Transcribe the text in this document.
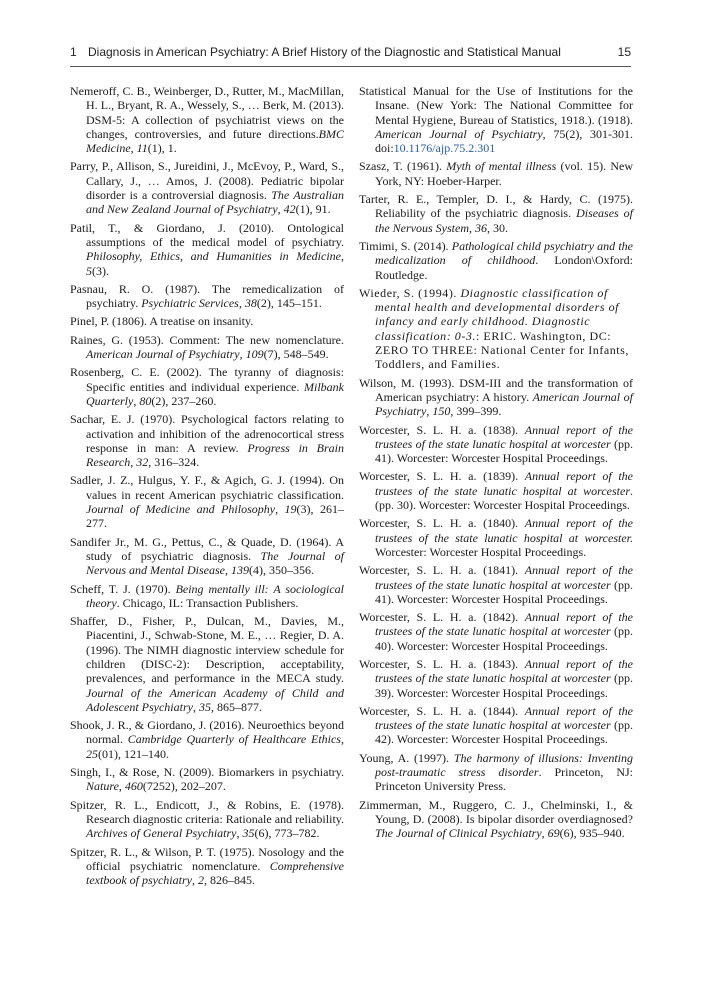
1 Diagnosis in American Psychiatry: A Brief History of the Diagnostic and Statistical Manual	15

Nemeroff, C. B., Weinberger, D., Rutter, M., MacMillan, H. L., Bryant, R. A., Wessely, S., … Berk, M. (2013). DSM-5: A collection of psychiatrist views on the changes, controversies, and future directions.BMC Medicine, 11(1), 1.

Parry, P., Allison, S., Jureidini, J., McEvoy, P., Ward, S., Callary, J., … Amos, J. (2008). Pediatric bipolar disorder is a controversial diagnosis. The Australian and New Zealand Journal of Psychiatry, 42(1), 91.

Patil, T., & Giordano, J. (2010). Ontological assumptions of the medical model of psychiatry. Philosophy, Ethics, and Humanities in Medicine, 5(3).

Pasnau, R. O. (1987). The remedicalization of psychiatry. Psychiatric Services, 38(2), 145–151.

Pinel, P. (1806). A treatise on insanity.

Raines, G. (1953). Comment: The new nomenclature. American Journal of Psychiatry, 109(7), 548–549.

Rosenberg, C. E. (2002). The tyranny of diagnosis: Specific entities and individual experience. Milbank Quarterly, 80(2), 237–260.

Sachar, E. J. (1970). Psychological factors relating to activation and inhibition of the adrenocortical stress response in man: A review. Progress in Brain Research, 32, 316–324.

Sadler, J. Z., Hulgus, Y. F., & Agich, G. J. (1994). On values in recent American psychiatric classification. Journal of Medicine and Philosophy, 19(3), 261–277.

Sandifer Jr., M. G., Pettus, C., & Quade, D. (1964). A study of psychiatric diagnosis. The Journal of Nervous and Mental Disease, 139(4), 350–356.

Scheff, T. J. (1970). Being mentally ill: A sociological theory. Chicago, IL: Transaction Publishers.

Shaffer, D., Fisher, P., Dulcan, M., Davies, M., Piacentini, J., Schwab-Stone, M. E., … Regier, D. A. (1996). The NIMH diagnostic interview schedule for children (DISC-2): Description, acceptability, prevalences, and performance in the MECA study. Journal of the American Academy of Child and Adolescent Psychiatry, 35, 865–877.

Shook, J. R., & Giordano, J. (2016). Neuroethics beyond normal. Cambridge Quarterly of Healthcare Ethics, 25(01), 121–140.

Singh, I., & Rose, N. (2009). Biomarkers in psychiatry. Nature, 460(7252), 202–207.

Spitzer, R. L., Endicott, J., & Robins, E. (1978). Research diagnostic criteria: Rationale and reliability. Archives of General Psychiatry, 35(6), 773–782.

Spitzer, R. L., & Wilson, P. T. (1975). Nosology and the official psychiatric nomenclature. Comprehensive textbook of psychiatry, 2, 826–845.

Statistical Manual for the Use of Institutions for the Insane. (New York: The National Committee for Mental Hygiene, Bureau of Statistics, 1918.). (1918). American Journal of Psychiatry, 75(2), 301-301. doi:10.1176/ajp.75.2.301

Szasz, T. (1961). Myth of mental illness (vol. 15). New York, NY: Hoeber-Harper.

Tarter, R. E., Templer, D. I., & Hardy, C. (1975). Reliability of the psychiatric diagnosis. Diseases of the Nervous System, 36, 30.

Timimi, S. (2014). Pathological child psychiatry and the medicalization of childhood. London\Oxford: Routledge.

Wieder, S. (1994). Diagnostic classification of mental health and developmental disorders of infancy and early childhood. Diagnostic classification: 0-3.: ERIC. Washington, DC: ZERO TO THREE: National Center for Infants, Toddlers, and Families.

Wilson, M. (1993). DSM-III and the transformation of American psychiatry: A history. American Journal of Psychiatry, 150, 399–399.

Worcester, S. L. H. a. (1838). Annual report of the trustees of the state lunatic hospital at worcester (pp. 41). Worcester: Worcester Hospital Proceedings.

Worcester, S. L. H. a. (1839). Annual report of the trustees of the state lunatic hospital at worcester. (pp. 30). Worcester: Worcester Hospital Proceedings.

Worcester, S. L. H. a. (1840). Annual report of the trustees of the state lunatic hospital at worcester. Worcester: Worcester Hospital Proceedings.

Worcester, S. L. H. a. (1841). Annual report of the trustees of the state lunatic hospital at worcester (pp. 41). Worcester: Worcester Hospital Proceedings.

Worcester, S. L. H. a. (1842). Annual report of the trustees of the state lunatic hospital at worcester (pp. 40). Worcester: Worcester Hospital Proceedings.

Worcester, S. L. H. a. (1843). Annual report of the trustees of the state lunatic hospital at worcester (pp. 39). Worcester: Worcester Hospital Proceedings.

Worcester, S. L. H. a. (1844). Annual report of the trustees of the state lunatic hospital at worcester (pp. 42). Worcester: Worcester Hospital Proceedings.

Young, A. (1997). The harmony of illusions: Inventing post-traumatic stress disorder. Princeton, NJ: Princeton University Press.

Zimmerman, M., Ruggero, C. J., Chelminski, I., & Young, D. (2008). Is bipolar disorder overdiagnosed? The Journal of Clinical Psychiatry, 69(6), 935–940.
